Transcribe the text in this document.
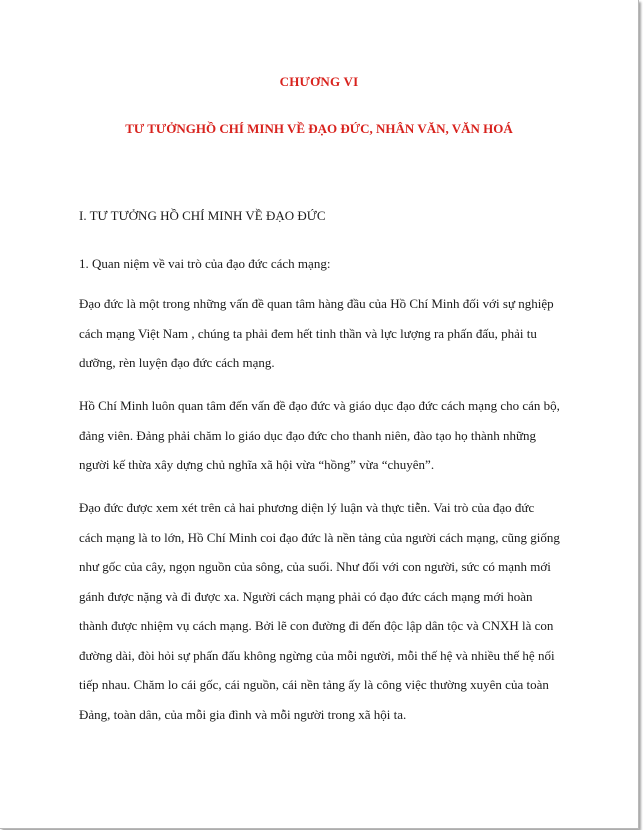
CHƯƠNG VI
TƯ TƯỞNGHỒ CHÍ MINH VỀ ĐẠO ĐỨC, NHÂN VĂN, VĂN HOÁ
I. TƯ TƯỞNG HỒ CHÍ MINH VỀ ĐẠO ĐỨC
1. Quan niệm về vai trò của đạo đức cách mạng:
Đạo đức là một trong những vấn đề quan tâm hàng đầu của Hồ Chí Minh đối với sự nghiệp
cách mạng Việt Nam , chúng ta phải đem hết tinh thần và lực lượng ra phấn đấu, phải tu
dưỡng, rèn luyện đạo đức cách mạng.
Hồ Chí Minh luôn quan tâm đến vấn đề đạo đức và giáo dục đạo đức cách mạng cho cán bộ,
đảng viên. Đảng phải chăm lo giáo dục đạo đức cho thanh niên, đào tạo họ thành những
người kế thừa xây dựng chủ nghĩa xã hội vừa “hồng” vừa “chuyên”.
Đạo đức được xem xét trên cả hai phương diện lý luận và thực tiễn. Vai trò của đạo đức
cách mạng là to lớn, Hồ Chí Minh coi đạo đức là nền tảng của người cách mạng, cũng giống
như gốc của cây, ngọn nguồn của sông, của suối. Như đối với con người, sức có mạnh mới
gánh được nặng và đi được xa. Người cách mạng phải có đạo đức cách mạng mới hoàn
thành được nhiệm vụ cách mạng. Bởi lẽ con đường đi đến độc lập dân tộc và CNXH là con
đường dài, đòi hỏi sự phấn đấu không ngừng của mỗi người, mỗi thế hệ và nhiều thế hệ nối
tiếp nhau. Chăm lo cái gốc, cái nguồn, cái nền tảng ấy là công việc thường xuyên của toàn
Đảng, toàn dân, của mỗi gia đình và mỗi người trong xã hội ta.
